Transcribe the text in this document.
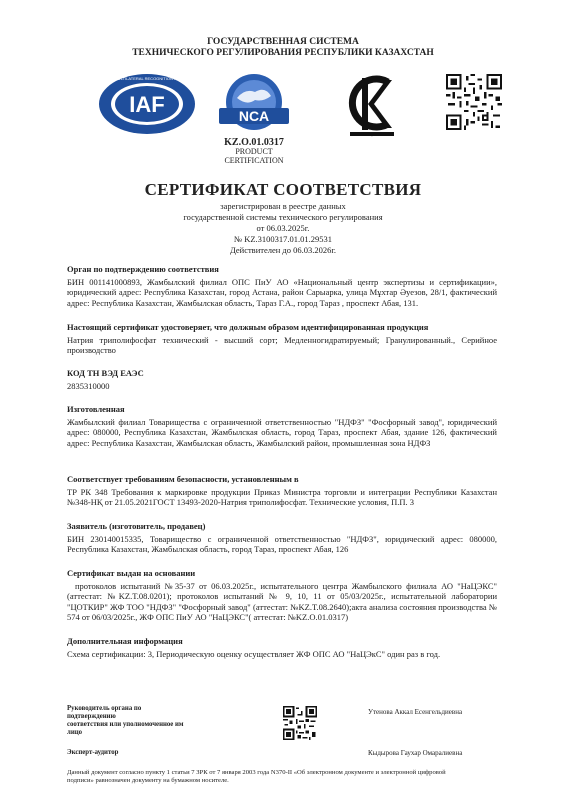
ГОСУДАРСТВЕННАЯ СИСТЕМА
ТЕХНИЧЕСКОГО РЕГУЛИРОВАНИЯ РЕСПУБЛИКИ КАЗАХСТАН
IAF
MEMBER OF MULTILATERAL RECOGNITION ARRANGEMENT
NCA
KZ
KZ.O.01.0317
PRODUCT
CERTIFICATION
СЕРТИФИКАТ СООТВЕТСТВИЯ
зарегистрирован в реестре данных
государственной системы технического регулирования
от 06.03.2025г.
№ KZ.3100317.01.01.29531
Действителен до 06.03.2026г.
Орган по подтверждению соответствия
БИН 001141000893, Жамбылский филиал ОПС ПиУ АО «Национальный центр экспертизы и сертификации», юридический адрес: Республика Казахстан, город Астана, район Сарыарка, улица Мұхтар Әуезов, 28/1, фактический адрес: Республика Казахстан, Жамбылская область, Тараз Г.А., город Тараз , проспект Абая, 131.
Настоящий сертификат удостоверяет, что должным образом идентифицированная продукция
Натрия триполифосфат технический - высший сорт; Медленногидратируемый; Гранулированный., Серийное производство
КОД ТН ВЭД ЕАЭС
2835310000
Изготовленная
Жамбылский филиал Товарищества с ограниченной ответственностью "НДФЗ" "Фосфорный завод", юридический адрес: 080000, Республика Казахстан, Жамбылская область, город Тараз, проспект Абая, здание 126, фактический адрес: Республика Казахстан, Жамбылская область, Жамбылский район, промышленная зона НДФЗ
Соответствует требованиям безопасности, установленным в
ТР РК 348 Требования к маркировке продукции Приказ Министра торговли и интеграции Республики Казахстан №348-НҚ от 21.05.2021ГОСТ 13493-2020-Натрия триполифосфат. Технические условия, П.П. 3
Заявитель (изготовитель, продавец)
БИН 230140015335, Товарищество с ограниченной ответственностью "НДФЗ", юридический адрес: 080000, Республика Казахстан, Жамбылская область, город Тараз, проспект Абая, 126
Сертификат выдан на основании
протоколов испытаний №35-37 от 06.03.2025г., испытательного центра Жамбылского филиала АО "НаЦЭКС" (аттестат: №KZ.T.08.0201); протоколов испытаний № 9, 10, 11 от 05/03/2025г., испытательной лаборатории "ЦОТКИР" ЖФ ТОО "НДФЗ" "Фосфорный завод" (аттестат: №KZ.T.08.2640);акта анализа состояния производства № 574 от 06/03/2025г., ЖФ ОПС ПиУ АО "НаЦЭКС"( аттестат: №KZ.O.01.0317)
Дополнительная информация
Схема сертификации: 3, Периодическую оценку осуществляет ЖФ ОПС АО "НаЦЭкС" один раз в год.
Руководитель органа по
подтверждению
соответствия или уполномоченное им
лицо
Утенова Аккал Есенгельдиевна
Эксперт-аудитор	Кыдырова Гаухар Омаралиевна
Данный документ согласно пункту 1 статьи 7 ЗРК от 7 января 2003 года N370-II «Об электронном документе и электронной цифровой
подписи» равнозначен документу на бумажном носителе.
